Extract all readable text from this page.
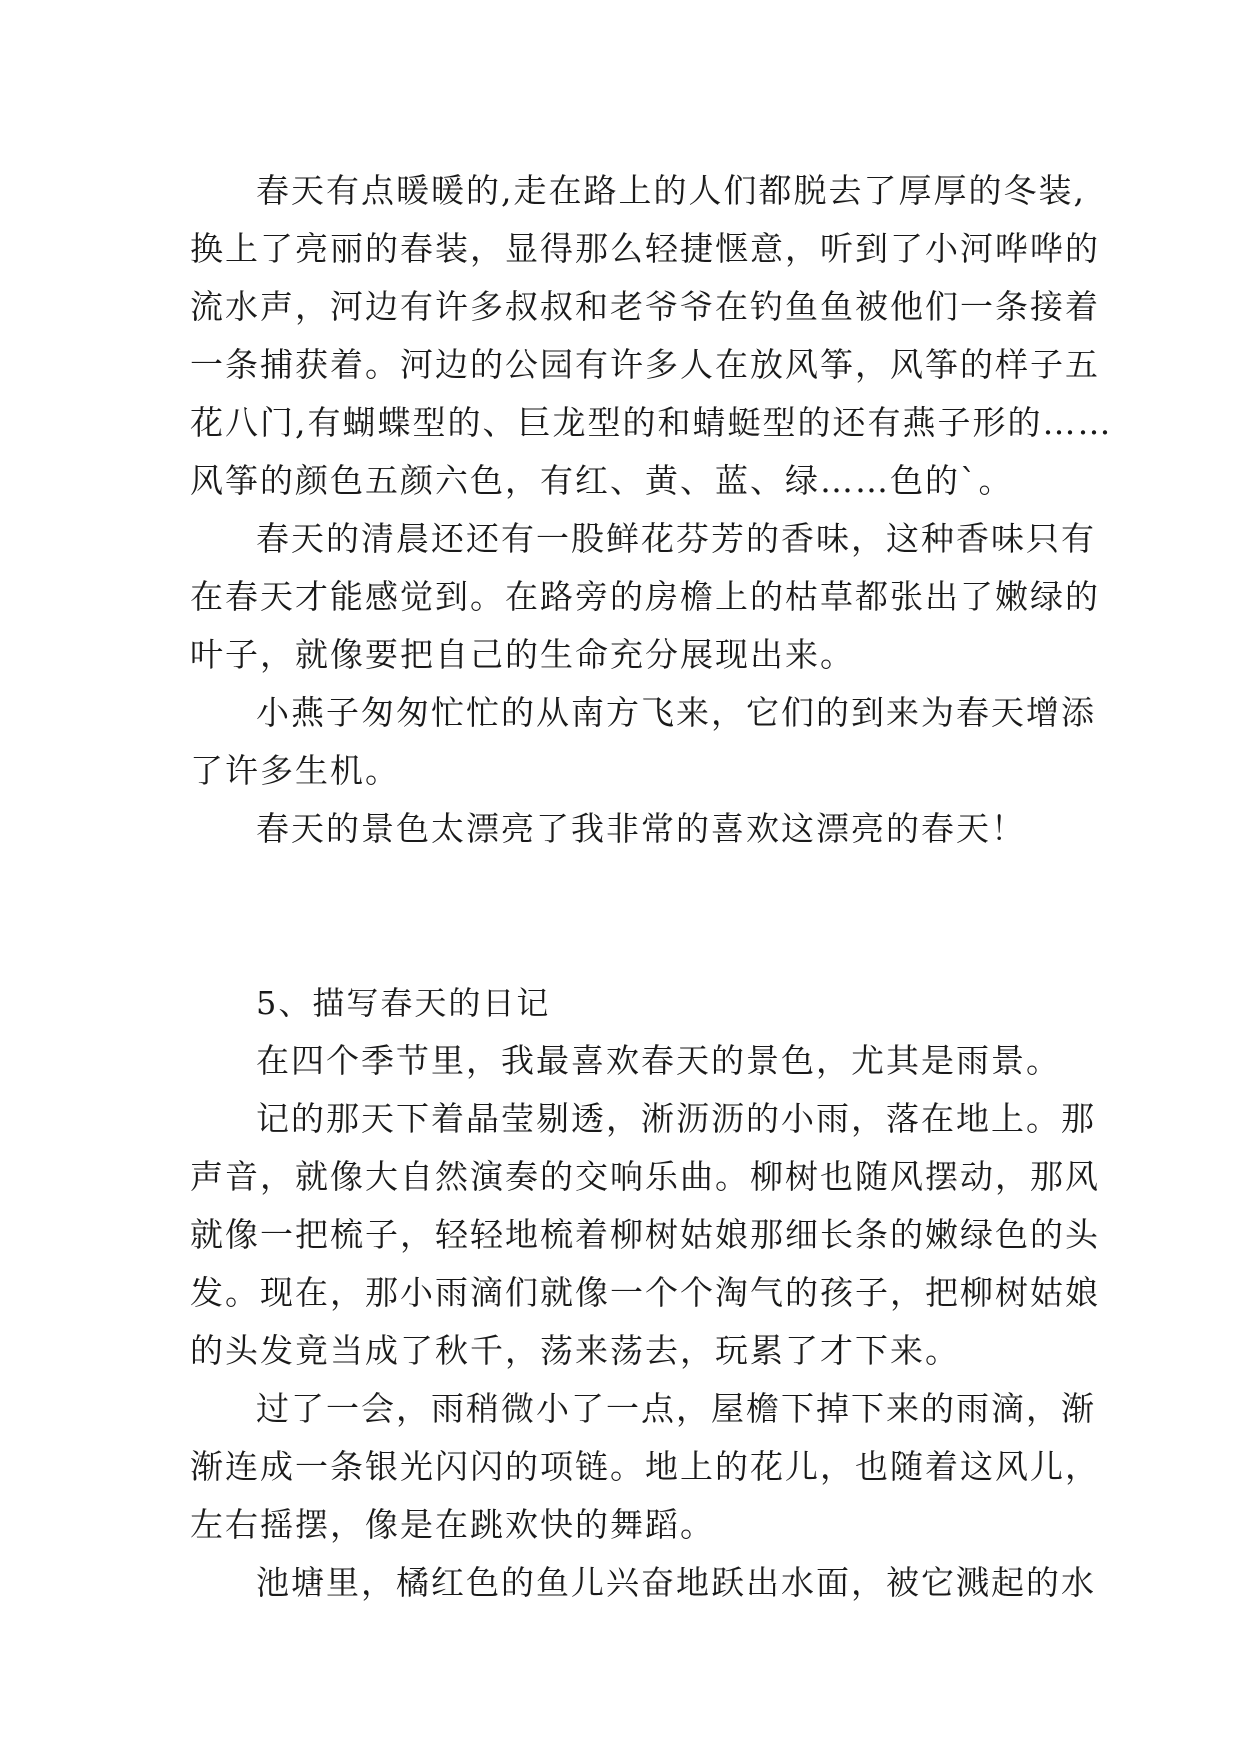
春天有点暖暖的,走在路上的人们都脱去了厚厚的冬装,
换上了亮丽的春装，显得那么轻捷惬意，听到了小河哗哗的
流水声，河边有许多叔叔和老爷爷在钓鱼鱼被他们一条接着
一条捕获着。河边的公园有许多人在放风筝，风筝的样子五
花八门,有蝴蝶型的、巨龙型的和蜻蜓型的还有燕子形的……
风筝的颜色五颜六色，有红、黄、蓝、绿……色的`。
春天的清晨还还有一股鲜花芬芳的香味，这种香味只有
在春天才能感觉到。在路旁的房檐上的枯草都张出了嫩绿的
叶子，就像要把自己的生命充分展现出来。
小燕子匆匆忙忙的从南方飞来，它们的到来为春天增添
了许多生机。
春天的景色太漂亮了我非常的喜欢这漂亮的春天！
5、描写春天的日记
在四个季节里，我最喜欢春天的景色，尤其是雨景。
记的那天下着晶莹剔透，淅沥沥的小雨，落在地上。那
声音，就像大自然演奏的交响乐曲。柳树也随风摆动，那风
就像一把梳子，轻轻地梳着柳树姑娘那细长条的嫩绿色的头
发。现在，那小雨滴们就像一个个淘气的孩子，把柳树姑娘
的头发竟当成了秋千，荡来荡去，玩累了才下来。
过了一会，雨稍微小了一点，屋檐下掉下来的雨滴，渐
渐连成一条银光闪闪的项链。地上的花儿，也随着这风儿，
左右摇摆，像是在跳欢快的舞蹈。
池塘里，橘红色的鱼儿兴奋地跃出水面，被它溅起的水
